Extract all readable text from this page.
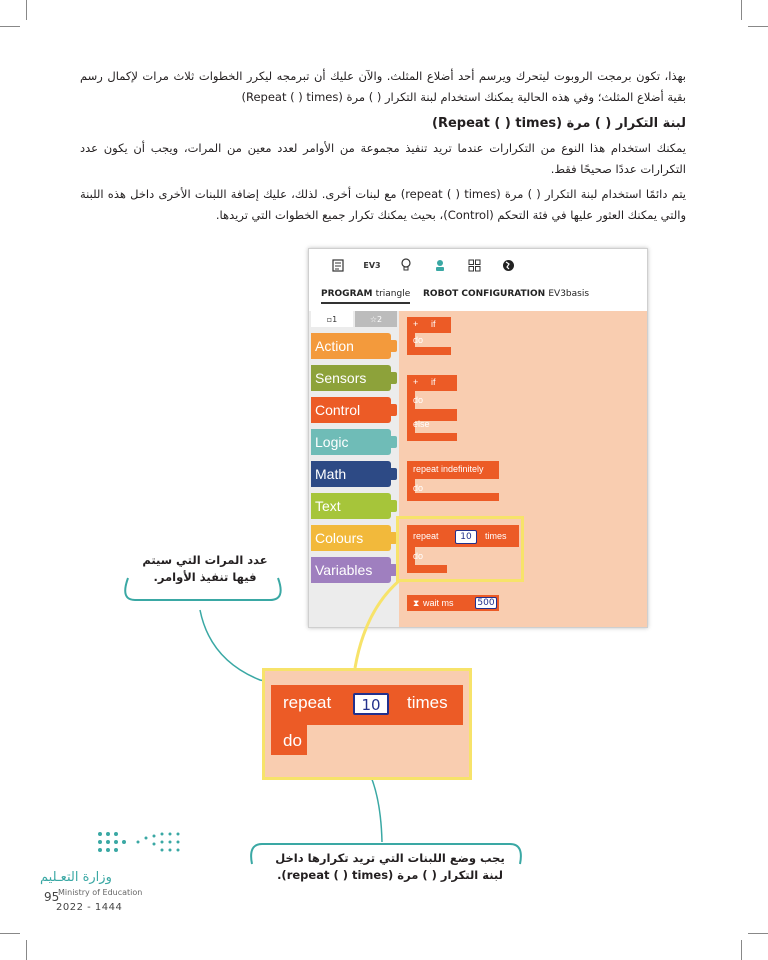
بهذا، تكون برمجت الروبوت ليتحرك ويرسم أحد أضلاع المثلث. والآن عليك أن تبرمجه ليكرر الخطوات ثلاث مرات لإكمال رسم بقية أضلاع المثلث؛ وفي هذه الحالية يمكنك استخدام لبنة التكرار ( ) مرة (Repeat ( ) times)

لبنة التكرار ( ) مرة (Repeat ( ) times)

يمكنك استخدام هذا النوع من التكرارات عندما تريد تنفيذ مجموعة من الأوامر لعدد معين من المرات، ويجب أن يكون عدد التكرارات عددًا صحيحًا فقط.

يتم دائمًا استخدام لبنة التكرار ( ) مرة (repeat ( ) times) مع لبنات أخرى. لذلك، عليك إضافة اللبنات الأخرى داخل هذه اللبنة والتي يمكنك العثور عليها في فئة التحكم (Control)، بحيث يمكنك تكرار جميع الخطوات التي تريدها.

EV3
PROGRAM triangle ROBOT CONFIGURATION EV3basis
▫1	☆2
Action
Sensors
Control
Logic
Math
Text
Colours
Variables
+ if
do
+ if
do
else
repeat indefinitely
do
repeat	10	times
do
⧗ wait ms	500
repeat	10	times
do
عدد المرات التي سيتم
فيها تنفيذ الأوامر.
يجب وضع اللبنات التي تريد تكرارها داخل
لبنة التكرار ( ) مرة (repeat ( ) times).
وزارة التعـليم
Ministry of Education
95
2022 - 1444
